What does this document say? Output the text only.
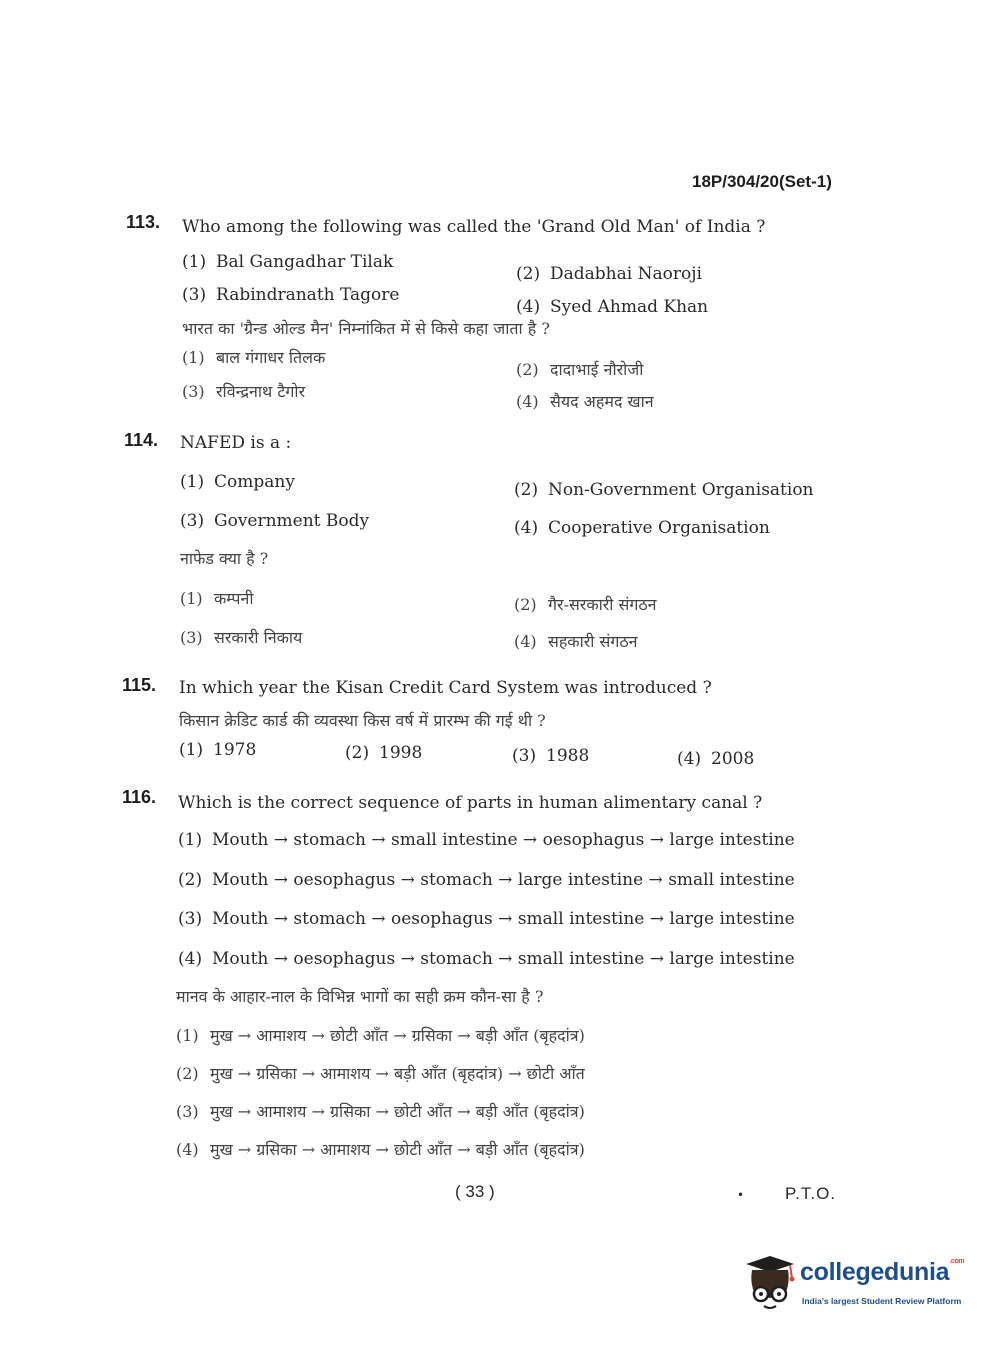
18P/304/20(Set-1)
113. Who among the following was called the 'Grand Old Man' of India ?
(1) Bal Gangadhar Tilak
(2) Dadabhai Naoroji
(3) Rabindranath Tagore
(4) Syed Ahmad Khan
भारत का 'ग्रैन्ड ओल्ड मैन' निम्नांकित में से किसे कहा जाता है ?
(1) बाल गंगाधर तिलक
(2) दादाभाई नौरोजी
(3) रविन्द्रनाथ टैगोर
(4) सैयद अहमद खान
114. NAFED is a :
(1) Company	(2) Non-Government Organisation
(3) Government Body	(4) Cooperative Organisation
नाफेड क्या है ?
(1) कम्पनी	(2) गैर-सरकारी संगठन
(3) सरकारी निकाय	(4) सहकारी संगठन
115. In which year the Kisan Credit Card System was introduced ?
किसान क्रेडिट कार्ड की व्यवस्था किस वर्ष में प्रारम्भ की गई थी ?
(1) 1978	(2) 1998	(3) 1988	(4) 2008
116. Which is the correct sequence of parts in human alimentary canal ?
(1) Mouth → stomach → small intestine → oesophagus → large intestine
(2) Mouth → oesophagus → stomach → large intestine → small intestine
(3) Mouth → stomach → oesophagus → small intestine → large intestine
(4) Mouth → oesophagus → stomach → small intestine → large intestine
मानव के आहार-नाल के विभिन्न भागों का सही क्रम कौन-सा है ?
(1) मुख → आमाशय → छोटी आँत → ग्रसिका → बड़ी आँत (बृहदांत्र)
(2) मुख → ग्रसिका → आमाशय → बड़ी आँत (बृहदांत्र) → छोटी आँत
(3) मुख → आमाशय → ग्रसिका → छोटी आँत → बड़ी आँत (बृहदांत्र)
(4) मुख → ग्रसिका → आमाशय → छोटी आँत → बड़ी आँत (बृहदांत्र)
( 33 )	• P.T.O.
collegedunia$^{.com}$
India's largest Student Review Platform
